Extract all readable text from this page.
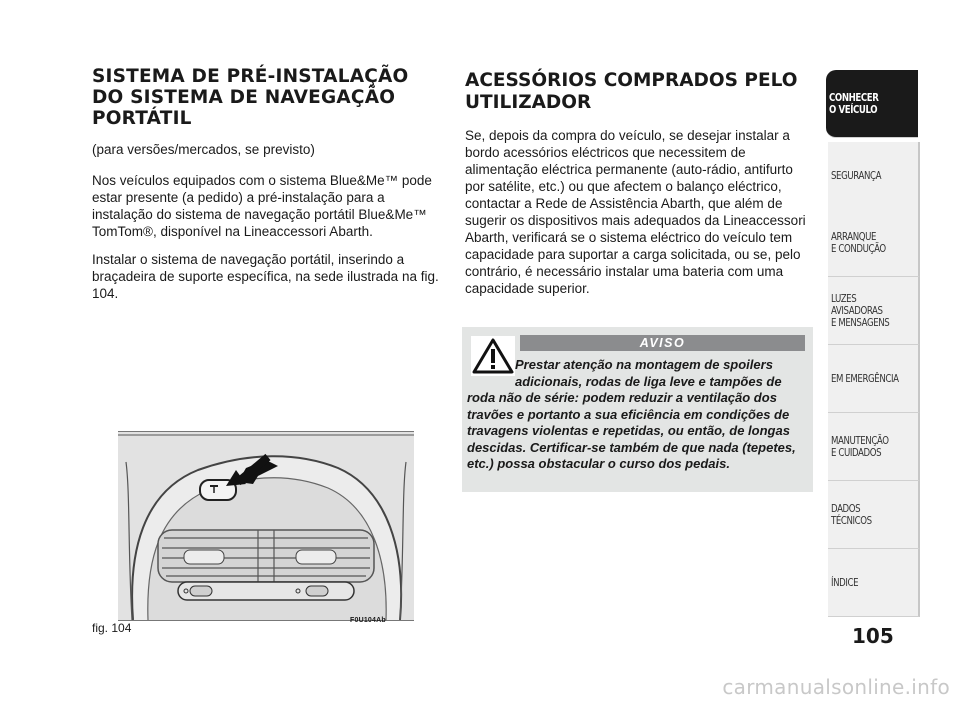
SISTEMA DE PRÉ-INSTALAÇÃO DO SISTEMA DE NAVEGAÇÃO PORTÁTIL

(para versões/mercados, se previsto)

Nos veículos equipados com o sistema Blue&Me™ pode estar presente (a pedido) a pré-instalação para a instalação do sistema de navegação portátil Blue&Me™ TomTom®, disponível na Lineaccessori Abarth.

Instalar o sistema de navegação portátil, inserindo a braçadeira de suporte específica, na sede ilustrada na fig. 104.

fig. 104
F0U104Ab
ACESSÓRIOS COMPRADOS PELO UTILIZADOR

Se, depois da compra do veículo, se desejar instalar a bordo acessórios eléctricos que necessitem de alimentação eléctrica permanente (auto-rádio, antifurto por satélite, etc.) ou que afectem o balanço eléctrico, contactar a Rede de Assistência Abarth, que além de sugerir os dispositivos mais adequados da Lineaccessori Abarth, verificará se o sistema eléctrico do veículo tem capacidade para suportar a carga solicitada, ou se, pelo contrário, é necessário instalar uma bateria com uma capacidade superior.

AVISO

Prestar atenção na montagem de spoilers adicionais, rodas de liga leve e tampões de roda não de série: podem reduzir a ventilação dos travões e portanto a sua eficiência em condições de travagens violentas e repetidas, ou então, de longas descidas. Certificar-se também de que nada (tepetes, etc.) possa obstacular o curso dos pedais.

CONHECER
O VEÍCULO
SEGURANÇA
ARRANQUE
E CONDUÇÃO
LUZES
AVISADORAS
E MENSAGENS
EM EMERGÊNCIA
MANUTENÇÃO
E CUIDADOS
DADOS
TÉCNICOS
ÍNDICE
105
carmanualsonline.info
